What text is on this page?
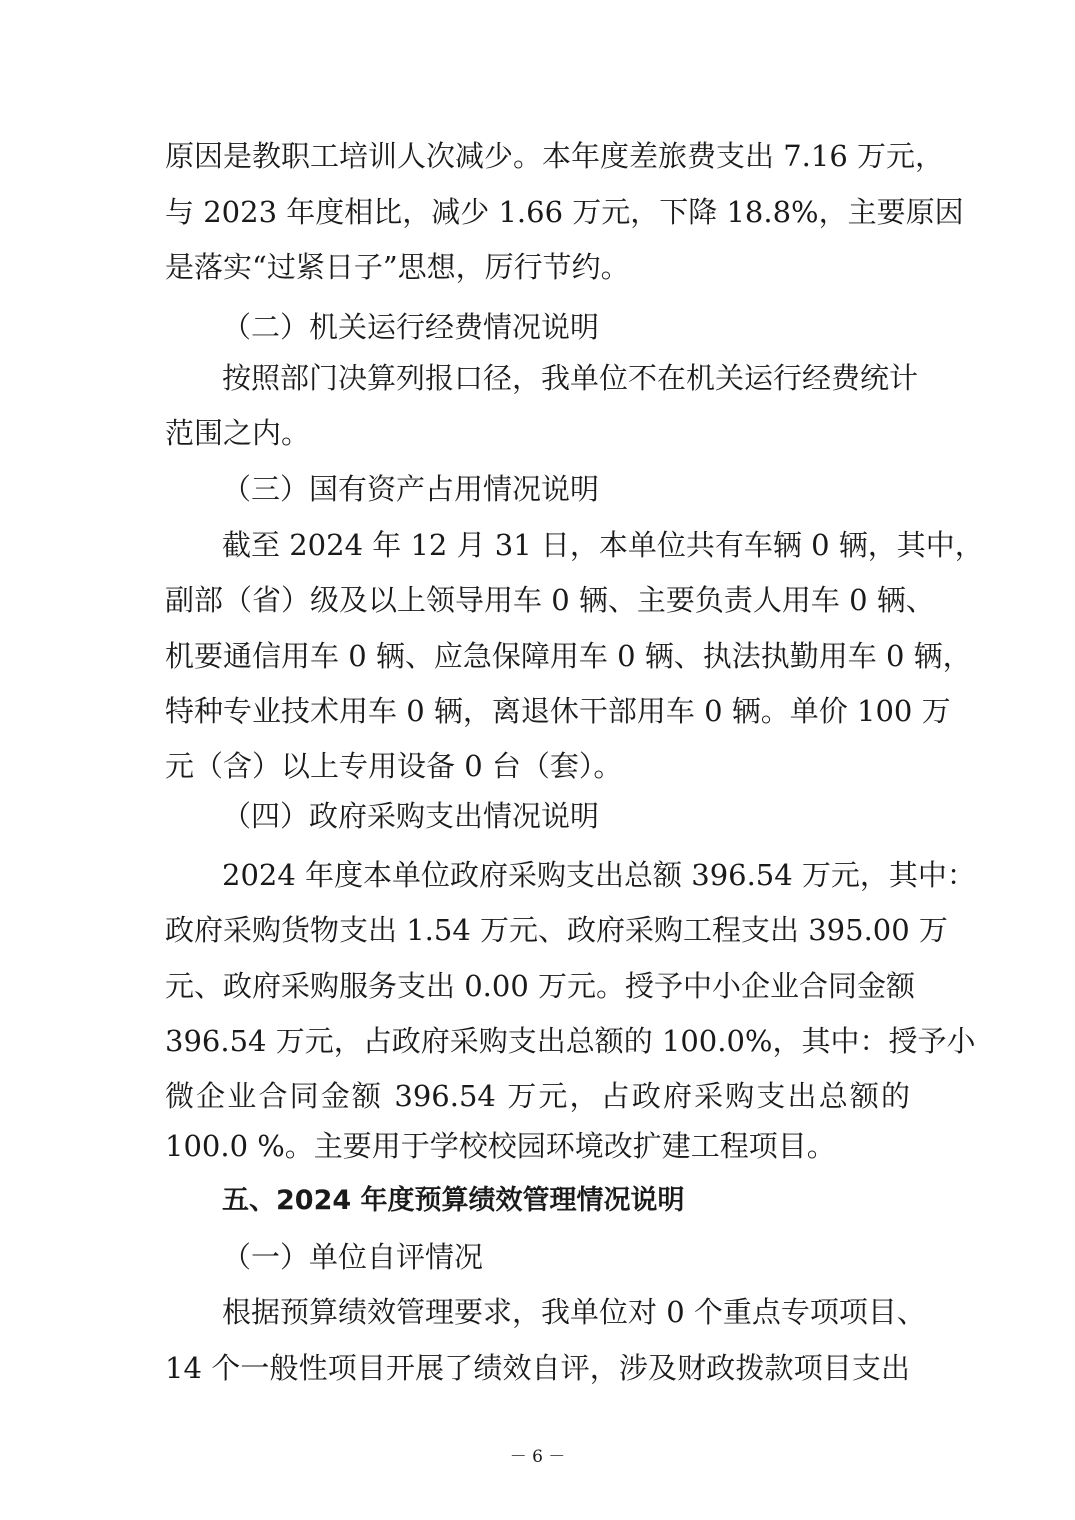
原因是教职工培训人次减少。本年度差旅费支出 7.16 万元，
与 2023 年度相比，减少 1.66 万元，下降 18.8%，主要原因
是落实“过紧日子”思想，厉行节约。
（二）机关运行经费情况说明
按照部门决算列报口径，我单位不在机关运行经费统计
范围之内。
（三）国有资产占用情况说明
截至 2024 年 12 月 31 日，本单位共有车辆 0 辆，其中，
副部（省）级及以上领导用车 0 辆、主要负责人用车 0 辆、
机要通信用车 0 辆、应急保障用车 0 辆、执法执勤用车 0 辆，
特种专业技术用车 0 辆，离退休干部用车 0 辆。单价 100 万
元（含）以上专用设备 0 台（套）。
（四）政府采购支出情况说明
2024 年度本单位政府采购支出总额 396.54 万元，其中：
政府采购货物支出 1.54 万元、政府采购工程支出 395.00 万
元、政府采购服务支出 0.00 万元。授予中小企业合同金额
396.54 万元，占政府采购支出总额的 100.0%，其中：授予小
微企业合同金额 396.54 万元，占政府采购支出总额的
100.0 %。主要用于学校校园环境改扩建工程项目。
五、2024 年度预算绩效管理情况说明
（一）单位自评情况
根据预算绩效管理要求，我单位对 0 个重点专项项目、
14 个一般性项目开展了绩效自评，涉及财政拨款项目支出
－ 6 －
